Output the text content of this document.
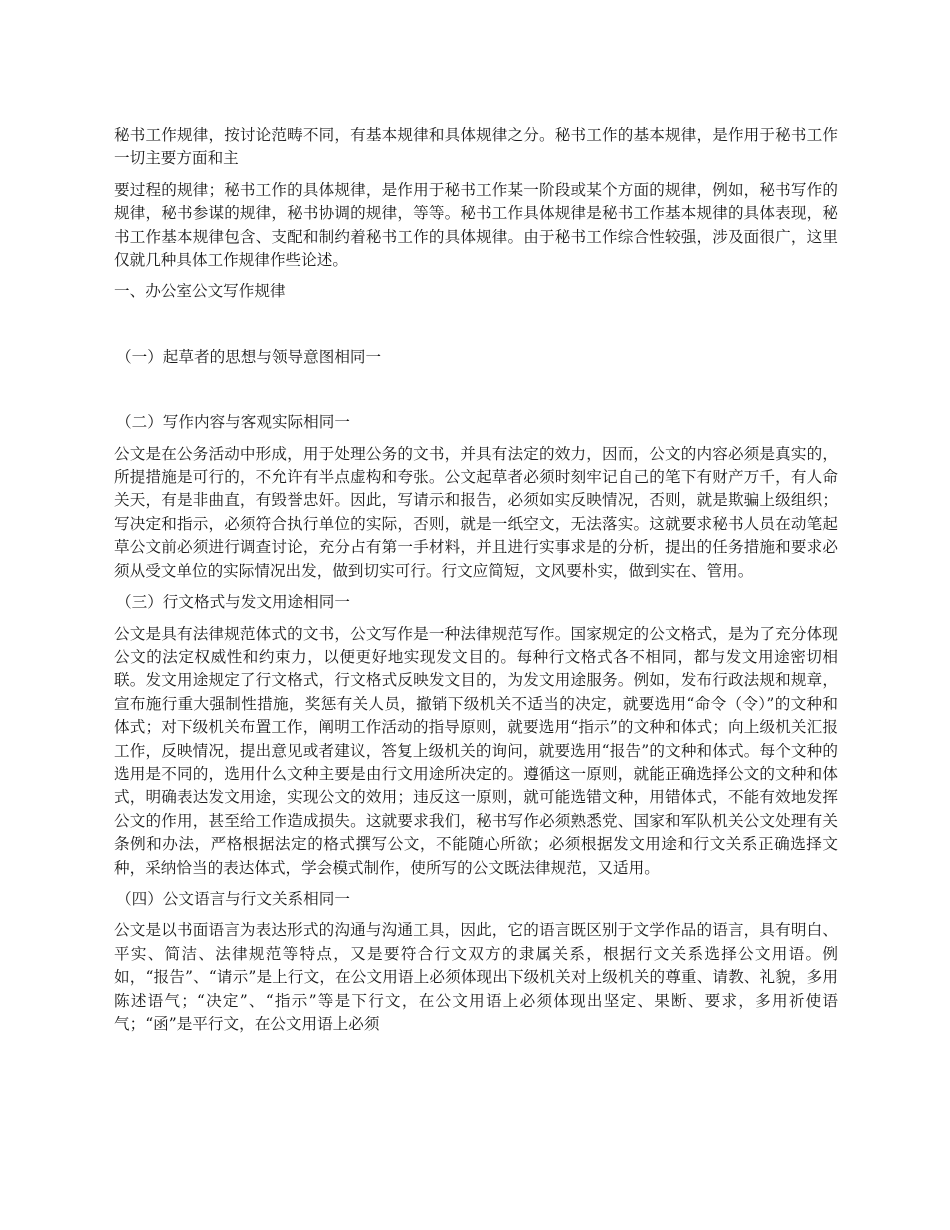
秘书工作规律，按讨论范畴不同，有基本规律和具体规律之分。秘书工作的基本规律，是作用于秘书工作一切主要方面和主

要过程的规律；秘书工作的具体规律，是作用于秘书工作某一阶段或某个方面的规律，例如，秘书写作的规律，秘书参谋的规律，秘书协调的规律，等等。秘书工作具体规律是秘书工作基本规律的具体表现，秘书工作基本规律包含、支配和制约着秘书工作的具体规律。由于秘书工作综合性较强，涉及面很广，这里仅就几种具体工作规律作些论述。

一、办公室公文写作规律

（一）起草者的思想与领导意图相同一

（二）写作内容与客观实际相同一

公文是在公务活动中形成，用于处理公务的文书，并具有法定的效力，因而，公文的内容必须是真实的，所提措施是可行的，不允许有半点虚构和夸张。公文起草者必须时刻牢记自己的笔下有财产万千，有人命关天，有是非曲直，有毁誉忠奸。因此，写请示和报告，必须如实反映情况，否则，就是欺骗上级组织；写决定和指示，必须符合执行单位的实际，否则，就是一纸空文，无法落实。这就要求秘书人员在动笔起草公文前必须进行调查讨论，充分占有第一手材料，并且进行实事求是的分析，提出的任务措施和要求必须从受文单位的实际情况出发，做到切实可行。行文应简短，文风要朴实，做到实在、管用。

（三）行文格式与发文用途相同一

公文是具有法律规范体式的文书，公文写作是一种法律规范写作。国家规定的公文格式，是为了充分体现公文的法定权威性和约束力，以便更好地实现发文目的。每种行文格式各不相同，都与发文用途密切相联。发文用途规定了行文格式，行文格式反映发文目的，为发文用途服务。例如，发布行政法规和规章，宣布施行重大强制性措施，奖惩有关人员，撤销下级机关不适当的决定，就要选用“命令（令）”的文种和体式；对下级机关布置工作，阐明工作活动的指导原则，就要选用“指示”的文种和体式；向上级机关汇报工作，反映情况，提出意见或者建议，答复上级机关的询问，就要选用“报告”的文种和体式。每个文种的选用是不同的，选用什么文种主要是由行文用途所决定的。遵循这一原则，就能正确选择公文的文种和体式，明确表达发文用途，实现公文的效用；违反这一原则，就可能选错文种，用错体式，不能有效地发挥公文的作用，甚至给工作造成损失。这就要求我们，秘书写作必须熟悉党、国家和军队机关公文处理有关条例和办法，严格根据法定的格式撰写公文，不能随心所欲；必须根据发文用途和行文关系正确选择文种，采纳恰当的表达体式，学会模式制作，使所写的公文既法律规范，又适用。

（四）公文语言与行文关系相同一

公文是以书面语言为表达形式的沟通与沟通工具，因此，它的语言既区别于文学作品的语言，具有明白、平实、简洁、法律规范等特点，又是要符合行文双方的隶属关系，根据行文关系选择公文用语。例如，“报告”、“请示”是上行文，在公文用语上必须体现出下级机关对上级机关的尊重、请教、礼貌，多用陈述语气；“决定”、“指示”等是下行文，在公文用语上必须体现出坚定、果断、要求，多用祈使语气；“函”是平行文，在公文用语上必须
